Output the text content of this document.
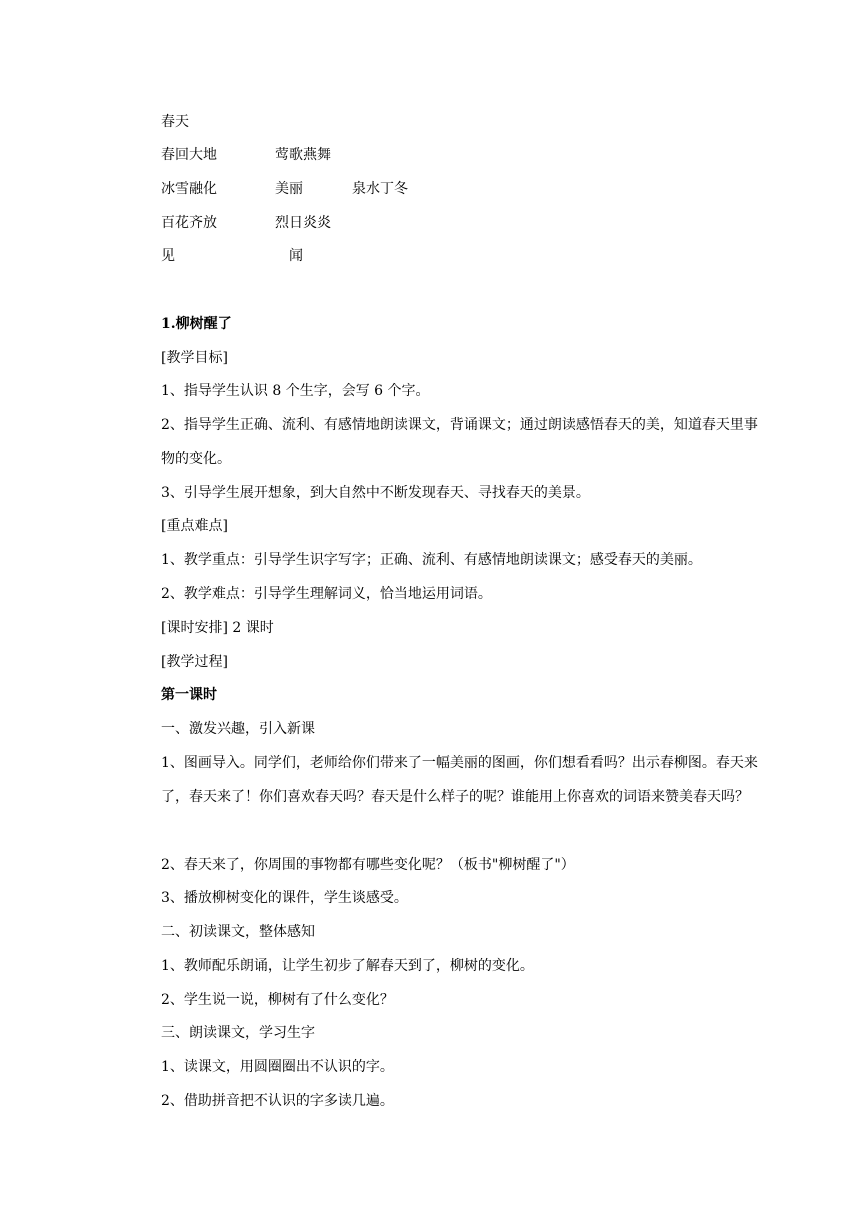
春天
春回大地	莺歌燕舞
冰雪融化	美丽	泉水丁冬
百花齐放	烈日炎炎
见	闻
1.柳树醒了
[教学目标]
1、指导学生认识 8 个生字，会写 6 个字。
2、指导学生正确、流利、有感情地朗读课文，背诵课文；通过朗读感悟春天的美，知道春天里事物的变化。
3、引导学生展开想象，到大自然中不断发现春天、寻找春天的美景。
[重点难点]
1、教学重点：引导学生识字写字；正确、流利、有感情地朗读课文；感受春天的美丽。
2、教学难点：引导学生理解词义，恰当地运用词语。
[课时安排] 2 课时
[教学过程]
第一课时
一、激发兴趣，引入新课
1、图画导入。同学们，老师给你们带来了一幅美丽的图画，你们想看看吗？出示春柳图。春天来了，春天来了！你们喜欢春天吗？春天是什么样子的呢？谁能用上你喜欢的词语来赞美春天吗？
2、春天来了，你周围的事物都有哪些变化呢？（板书"柳树醒了"）
3、播放柳树变化的课件，学生谈感受。
二、初读课文，整体感知
1、教师配乐朗诵，让学生初步了解春天到了，柳树的变化。
2、学生说一说，柳树有了什么变化？
三、朗读课文，学习生字
1、读课文，用圆圈圈出不认识的字。
2、借助拼音把不认识的字多读几遍。
